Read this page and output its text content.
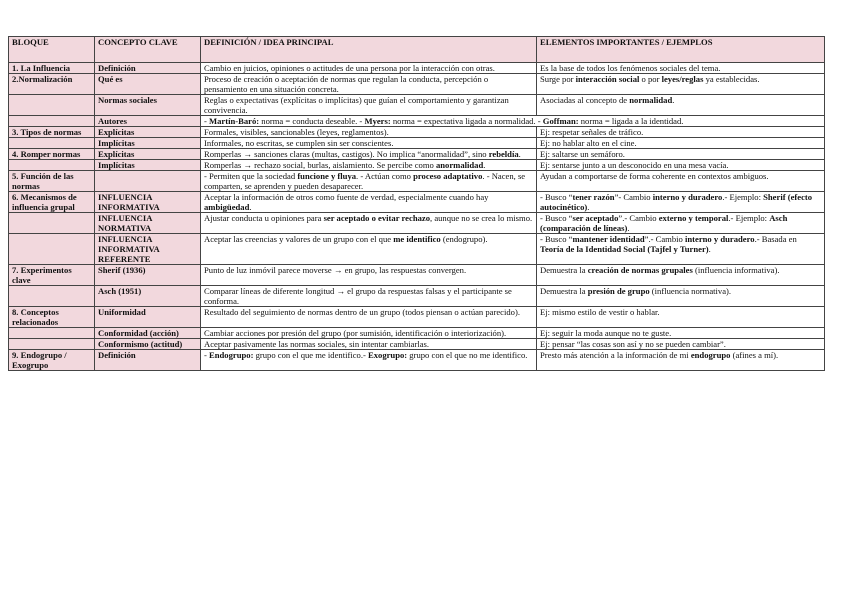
BLOQUE	CONCEPTO CLAVE	DEFINICIÓN / IDEA PRINCIPAL	ELEMENTOS IMPORTANTES / EJEMPLOS
1. La Influencia	Definición	Cambio en juicios, opiniones o actitudes de una persona por la interacción con otras.	Es la base de todos los fenómenos sociales del tema.
2.Normalización	Qué es	Proceso de creación o aceptación de normas que regulan la conducta, percepción o pensamiento en una situación concreta.	Surge por interacción social o por leyes/reglas ya establecidas.
	Normas sociales	Reglas o expectativas (explícitas o implícitas) que guían el comportamiento y garantizan convivencia.	Asociadas al concepto de normalidad.
	Autores	- Martín-Baró: norma = conducta deseable. - Myers: norma = expectativa ligada a normalidad. - Goffman: norma = ligada a la identidad.	
3. Tipos de normas	Explícitas	Formales, visibles, sancionables (leyes, reglamentos).	Ej: respetar señales de tráfico.
	Implícitas	Informales, no escritas, se cumplen sin ser conscientes.	Ej: no hablar alto en el cine.
4. Romper normas	Explícitas	Romperlas → sanciones claras (multas, castigos). No implica “anormalidad”, sino rebeldía.	Ej: saltarse un semáforo.
	Implícitas	Romperlas → rechazo social, burlas, aislamiento. Se percibe como anormalidad.	Ej: sentarse junto a un desconocido en una mesa vacía.
5. Función de las normas		- Permiten que la sociedad funcione y fluya. - Actúan como proceso adaptativo. - Nacen, se comparten, se aprenden y pueden desaparecer.	Ayudan a comportarse de forma coherente en contextos ambiguos.
6. Mecanismos de influencia grupal	INFLUENCIA INFORMATIVA	Aceptar la información de otros como fuente de verdad, especialmente cuando hay ambigüedad.	- Busco “tener razón”- Cambio interno y duradero.- Ejemplo: Sherif (efecto autocinético).
	INFLUENCIA NORMATIVA	Ajustar conducta u opiniones para ser aceptado o evitar rechazo, aunque no se crea lo mismo.	- Busco “ser aceptado”.- Cambio externo y temporal.- Ejemplo: Asch (comparación de líneas).
	INFLUENCIA INFORMATIVA REFERENTE	Aceptar las creencias y valores de un grupo con el que me identifico (endogrupo).	- Busco “mantener identidad”.- Cambio interno y duradero.- Basada en Teoría de la Identidad Social (Tajfel y Turner).
7. Experimentos clave	Sherif (1936)	Punto de luz inmóvil parece moverse → en grupo, las respuestas convergen.	Demuestra la creación de normas grupales (influencia informativa).
	Asch (1951)	Comparar líneas de diferente longitud → el grupo da respuestas falsas y el participante se conforma.	Demuestra la presión de grupo (influencia normativa).
8. Conceptos relacionados	Uniformidad	Resultado del seguimiento de normas dentro de un grupo (todos piensan o actúan parecido).	Ej: mismo estilo de vestir o hablar.
	Conformidad (acción)	Cambiar acciones por presión del grupo (por sumisión, identificación o interiorización).	Ej: seguir la moda aunque no te guste.
	Conformismo (actitud)	Aceptar pasivamente las normas sociales, sin intentar cambiarlas.	Ej: pensar “las cosas son así y no se pueden cambiar”.
9. Endogrupo / Exogrupo	Definición	- Endogrupo: grupo con el que me identifico.- Exogrupo: grupo con el que no me identifico.	Presto más atención a la información de mi endogrupo (afines a mí).
